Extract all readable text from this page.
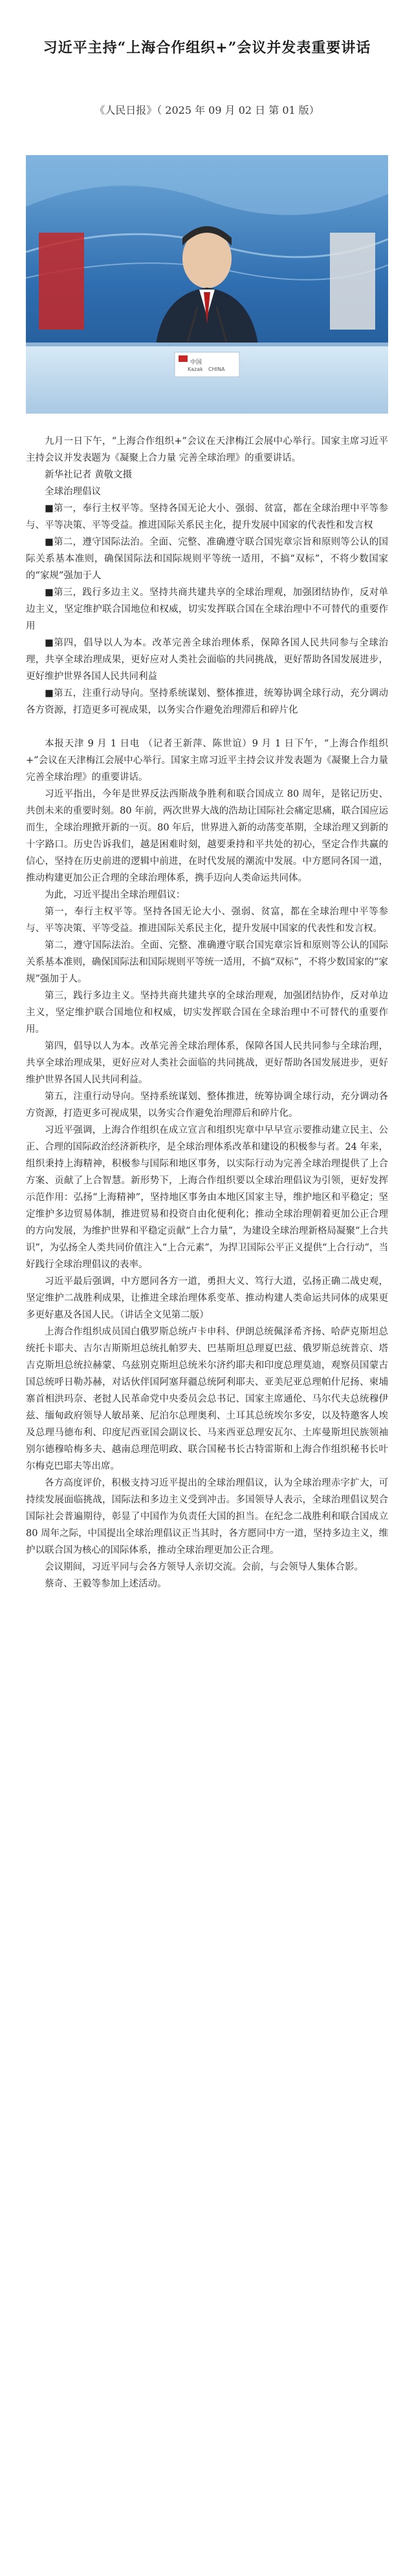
习近平主持“上海合作组织+”会议并发表重要讲话
《人民日报》（ 2025 年 09 月 02 日 第 01 版）
中国
Kazak CHINA

九月一日下午，“上海合作组织+”会议在天津梅江会展中心举行。国家主席习近平主持会议并发表题为《凝聚上合力量 完善全球治理》的重要讲话。

新华社记者 黄敬文摄

全球治理倡议

■第一，奉行主权平等。坚持各国无论大小、强弱、贫富，都在全球治理中平等参与、平等决策、平等受益。推进国际关系民主化，提升发展中国家的代表性和发言权

■第二，遵守国际法治。全面、完整、准确遵守联合国宪章宗旨和原则等公认的国际关系基本准则，确保国际法和国际规则平等统一适用，不搞“双标”，不将少数国家的“家规”强加于人

■第三，践行多边主义。坚持共商共建共享的全球治理观，加强团结协作，反对单边主义，坚定维护联合国地位和权威，切实发挥联合国在全球治理中不可替代的重要作用

■第四，倡导以人为本。改革完善全球治理体系，保障各国人民共同参与全球治理，共享全球治理成果，更好应对人类社会面临的共同挑战，更好帮助各国发展进步，更好维护世界各国人民共同利益

■第五，注重行动导向。坚持系统谋划、整体推进，统筹协调全球行动，充分调动各方资源，打造更多可视成果，以务实合作避免治理滞后和碎片化

本报天津 9 月 1 日电 （记者王新萍、陈世谊）9 月 1 日下午，“上海合作组织+”会议在天津梅江会展中心举行。国家主席习近平主持会议并发表题为《凝聚上合力量 完善全球治理》的重要讲话。

习近平指出，今年是世界反法西斯战争胜利和联合国成立 80 周年，是铭记历史、共创未来的重要时刻。80 年前，两次世界大战的浩劫让国际社会痛定思痛，联合国应运而生，全球治理掀开新的一页。80 年后，世界进入新的动荡变革期，全球治理又到新的十字路口。历史告诉我们，越是困难时刻，越要秉持和平共处的初心，坚定合作共赢的信心，坚持在历史前进的逻辑中前进，在时代发展的潮流中发展。中方愿同各国一道，推动构建更加公正合理的全球治理体系，携手迈向人类命运共同体。

为此，习近平提出全球治理倡议：

第一，奉行主权平等。坚持各国无论大小、强弱、贫富，都在全球治理中平等参与、平等决策、平等受益。推进国际关系民主化，提升发展中国家的代表性和发言权。

第二，遵守国际法治。全面、完整、准确遵守联合国宪章宗旨和原则等公认的国际关系基本准则，确保国际法和国际规则平等统一适用，不搞“双标”，不将少数国家的“家规”强加于人。

第三，践行多边主义。坚持共商共建共享的全球治理观，加强团结协作，反对单边主义，坚定维护联合国地位和权威，切实发挥联合国在全球治理中不可替代的重要作用。

第四，倡导以人为本。改革完善全球治理体系，保障各国人民共同参与全球治理，共享全球治理成果，更好应对人类社会面临的共同挑战，更好帮助各国发展进步，更好维护世界各国人民共同利益。

第五，注重行动导向。坚持系统谋划、整体推进，统筹协调全球行动，充分调动各方资源，打造更多可视成果，以务实合作避免治理滞后和碎片化。

习近平强调，上海合作组织在成立宣言和组织宪章中早早宣示要推动建立民主、公正、合理的国际政治经济新秩序，是全球治理体系改革和建设的积极参与者。24 年来，组织秉持上海精神，积极参与国际和地区事务，以实际行动为完善全球治理提供了上合方案、贡献了上合智慧。新形势下，上海合作组织要以全球治理倡议为引领，更好发挥示范作用：弘扬“上海精神”，坚持地区事务由本地区国家主导，维护地区和平稳定；坚定维护多边贸易体制，推进贸易和投资自由化便利化；推动全球治理朝着更加公正合理的方向发展，为维护世界和平稳定贡献“上合力量”，为建设全球治理新格局凝聚“上合共识”，为弘扬全人类共同价值注入“上合元素”，为捍卫国际公平正义提供“上合行动”，当好践行全球治理倡议的表率。

习近平最后强调，中方愿同各方一道，勇担大义、笃行大道，弘扬正确二战史观，坚定维护二战胜利成果，让推进全球治理体系变革、推动构建人类命运共同体的成果更多更好惠及各国人民。（讲话全文见第二版）

上海合作组织成员国白俄罗斯总统卢卡申科、伊朗总统佩泽希齐扬、哈萨克斯坦总统托卡耶夫、吉尔吉斯斯坦总统扎帕罗夫、巴基斯坦总理夏巴兹、俄罗斯总统普京、塔吉克斯坦总统拉赫蒙、乌兹别克斯坦总统米尔济约耶夫和印度总理莫迪，观察员国蒙古国总统呼日勒苏赫，对话伙伴国阿塞拜疆总统阿利耶夫、亚美尼亚总理帕什尼扬、柬埔寨首相洪玛奈、老挝人民革命党中央委员会总书记、国家主席通伦、马尔代夫总统穆伊兹、缅甸政府领导人敏昂莱、尼泊尔总理奥利、土耳其总统埃尔多安，以及特邀客人埃及总理马德布利、印度尼西亚国会副议长、马来西亚总理安瓦尔、土库曼斯坦民族领袖别尔德穆哈梅多夫、越南总理范明政、联合国秘书长古特雷斯和上海合作组织秘书长叶尔梅克巴耶夫等出席。

各方高度评价，积极支持习近平提出的全球治理倡议，认为全球治理赤字扩大，可持续发展面临挑战，国际法和多边主义受到冲击。多国领导人表示，全球治理倡议契合国际社会普遍期待，彰显了中国作为负责任大国的担当。在纪念二战胜利和联合国成立 80 周年之际，中国提出全球治理倡议正当其时，各方愿同中方一道，坚持多边主义，维护以联合国为核心的国际体系，推动全球治理更加公正合理。

会议期间，习近平同与会各方领导人亲切交流。会前，与会领导人集体合影。

蔡奇、王毅等参加上述活动。
